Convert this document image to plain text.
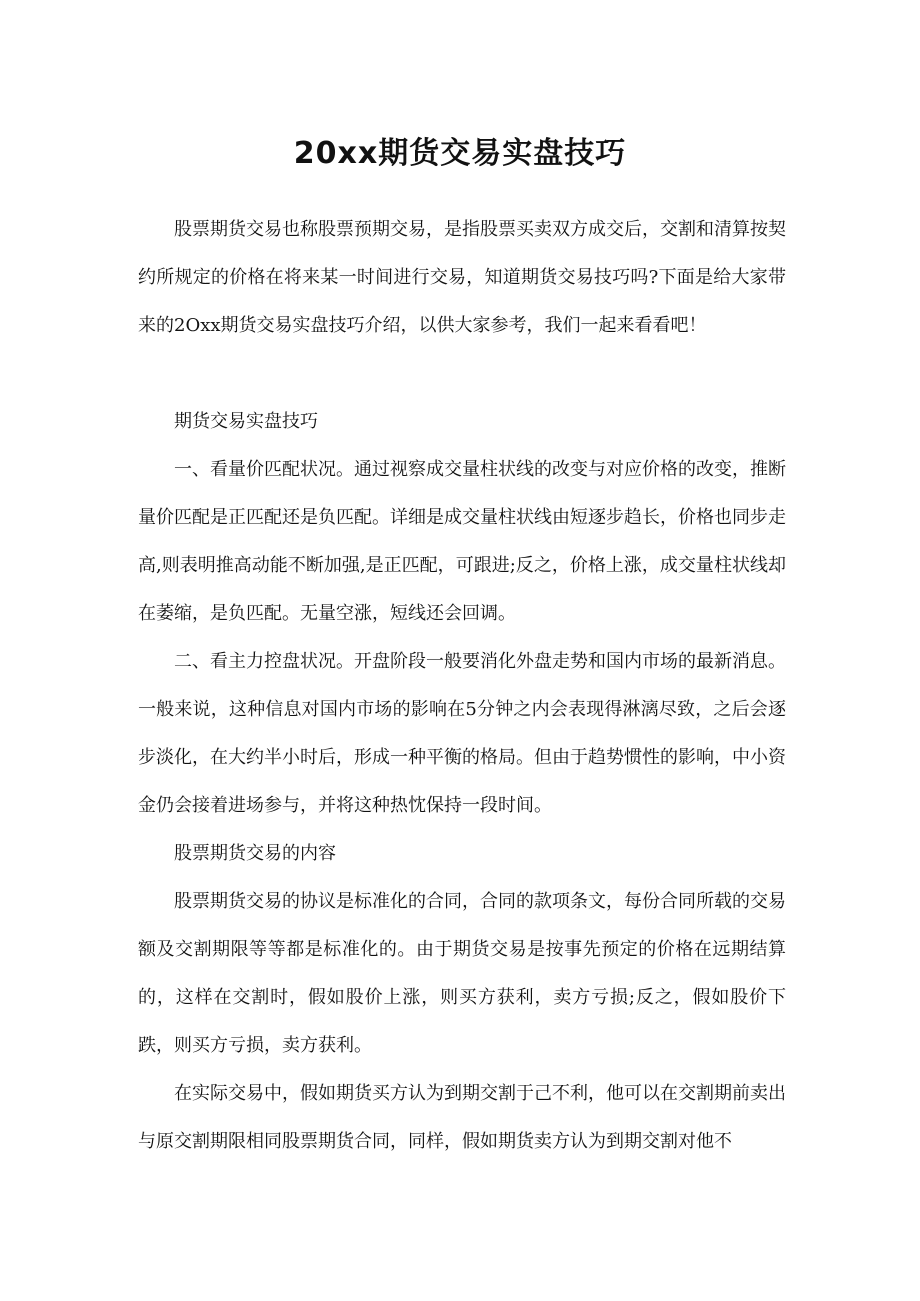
20xx期货交易实盘技巧

股票期货交易也称股票预期交易，是指股票买卖双方成交后，交割和清算按契约所规定的价格在将来某一时间进行交易，知道期货交易技巧吗?下面是给大家带来的2Oxx期货交易实盘技巧介绍，以供大家参考，我们一起来看看吧！

期货交易实盘技巧

一、看量价匹配状况。通过视察成交量柱状线的改变与对应价格的改变，推断量价匹配是正匹配还是负匹配。详细是成交量柱状线由短逐步趋长，价格也同步走高,则表明推高动能不断加强,是正匹配，可跟进;反之，价格上涨，成交量柱状线却在萎缩，是负匹配。无量空涨，短线还会回调。

二、看主力控盘状况。开盘阶段一般要消化外盘走势和国内市场的最新消息。一般来说，这种信息对国内市场的影响在5分钟之内会表现得淋漓尽致，之后会逐步淡化，在大约半小时后，形成一种平衡的格局。但由于趋势惯性的影响，中小资金仍会接着进场参与，并将这种热忱保持一段时间。

股票期货交易的内容

股票期货交易的协议是标准化的合同，合同的款项条文，每份合同所载的交易额及交割期限等等都是标准化的。由于期货交易是按事先预定的价格在远期结算的，这样在交割时，假如股价上涨，则买方获利，卖方亏损;反之，假如股价下跌，则买方亏损，卖方获利。

在实际交易中，假如期货买方认为到期交割于己不利，他可以在交割期前卖出与原交割期限相同股票期货合同，同样，假如期货卖方认为到期交割对他不
